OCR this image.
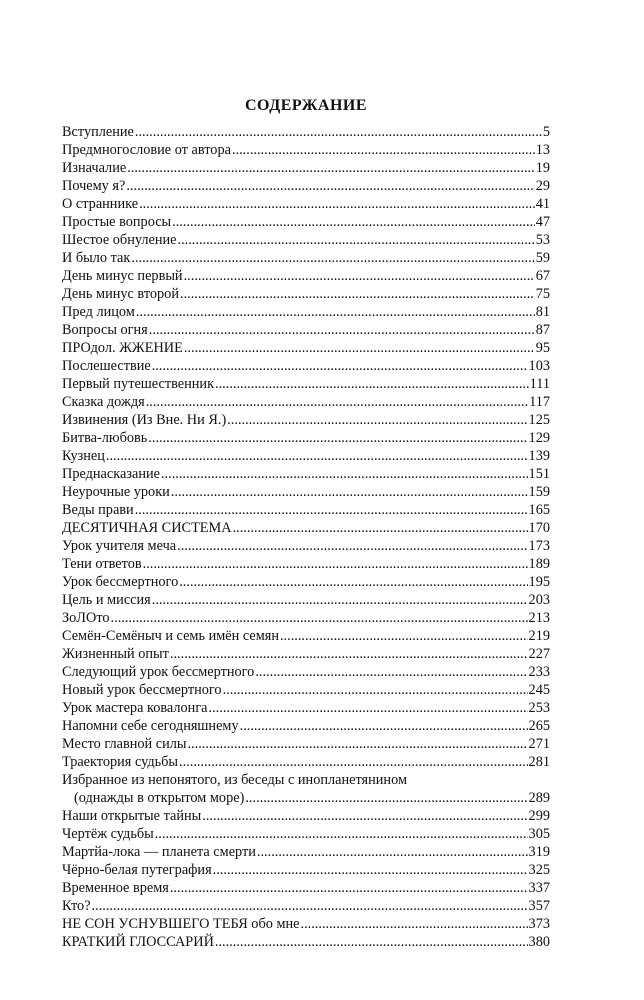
СОДЕРЖАНИЕ
Вступление .....	5
Предмногословие от автора .....	13
Изначалие .....	19
Почему я? .....	29
О страннике .....	41
Простые вопросы .....	47
Шестое обнуление .....	53
И было так .....	59
День минус первый .....	67
День минус второй .....	75
Пред лицом .....	81
Вопросы огня .....	87
ПРОдол. ЖЖЕНИЕ .....	95
Послешествие .....	103
Первый путешественник .....	111
Сказка дождя .....	117
Извинения (Из Вне. Ни Я.) .....	125
Битва-любовь .....	129
Кузнец .....	139
Преднасказание .....	151
Неурочные уроки .....	159
Веды прави .....	165
ДЕСЯТИЧНАЯ СИСТЕМА .....	170
Урок учителя меча .....	173
Тени ответов .....	189
Урок бессмертного .....	195
Цель и миссия .....	203
ЗоЛОто .....	213
Семён-Семёныч и семь имён семян .....	219
Жизненный опыт .....	227
Следующий урок бессмертного .....	233
Новый урок бессмертного .....	245
Урок мастера ковалонга .....	253
Напомни себе сегодняшнему .....	265
Место главной силы .....	271
Траектория судьбы .....	281
Избранное из непонятого, из беседы с инопланетянином
(однажды в открытом море) .....	289
Наши открытые тайны .....	299
Чертёж судьбы .....	305
Мартйа-лока — планета смерти .....	319
Чёрно-белая путеграфия .....	325
Временное время .....	337
Кто? .....	357
НЕ СОН УСНУВШЕГО ТЕБЯ обо мне .....	373
КРАТКИЙ ГЛОССАРИЙ .....	380
